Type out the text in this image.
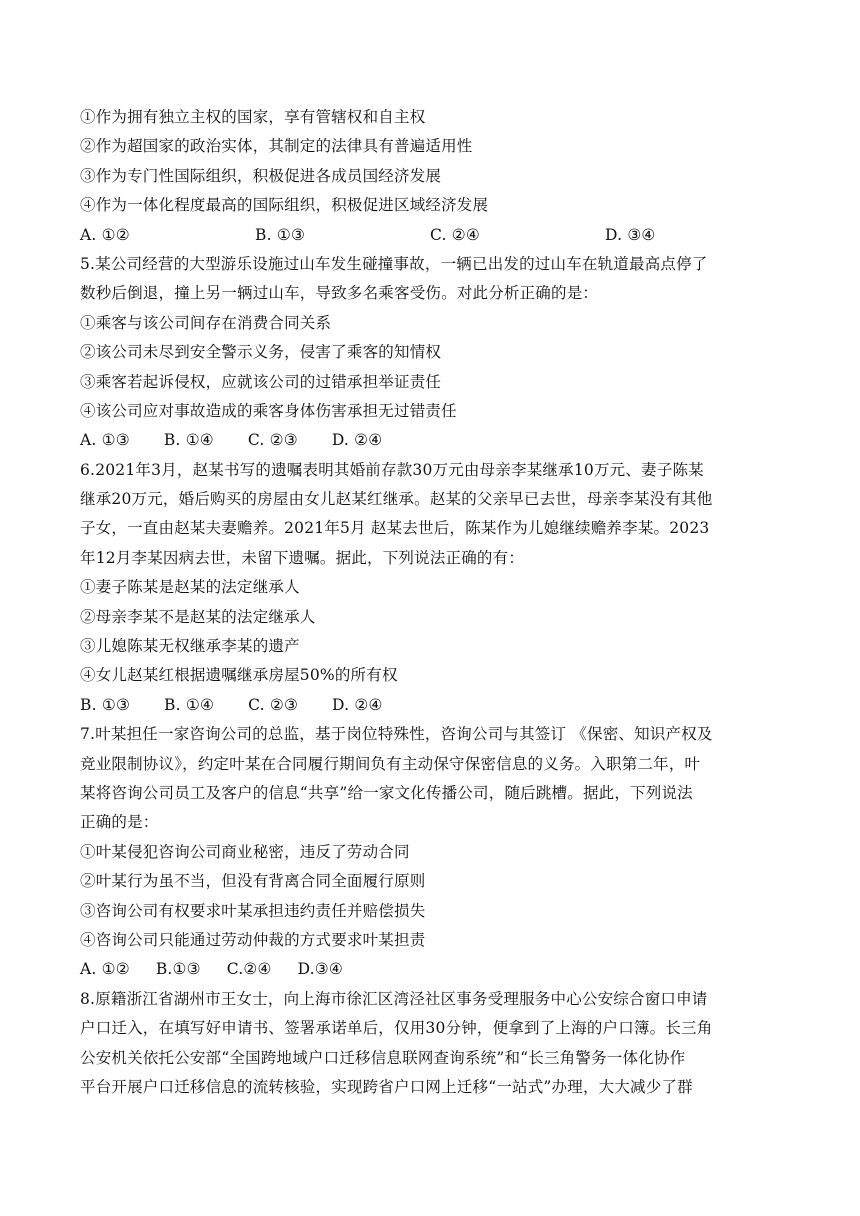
①作为拥有独立主权的国家，享有管辖权和自主权
②作为超国家的政治实体，其制定的法律具有普遍适用性
③作为专门性国际组织，积极促进各成员国经济发展
④作为一体化程度最高的国际组织，积极促进区域经济发展
A. ①②	B. ①③	C. ②④	D. ③④
5.某公司经营的大型游乐设施过山车发生碰撞事故，一辆已出发的过山车在轨道最高点停了
数秒后倒退，撞上另一辆过山车，导致多名乘客受伤。对此分析正确的是：
①乘客与该公司间存在消费合同关系
②该公司未尽到安全警示义务，侵害了乘客的知情权
③乘客若起诉侵权，应就该公司的过错承担举证责任
④该公司应对事故造成的乘客身体伤害承担无过错责任
A. ①③ B. ①④ C. ②③ D. ②④
6.2021年3月，赵某书写的遗嘱表明其婚前存款30万元由母亲李某继承10万元、妻子陈某
继承20万元，婚后购买的房屋由女儿赵某红继承。赵某的父亲早已去世，母亲李某没有其他
子女，一直由赵某夫妻赡养。2021年5月 赵某去世后，陈某作为儿媳继续赡养李某。2023
年12月李某因病去世，未留下遗嘱。据此，下列说法正确的有：
①妻子陈某是赵某的法定继承人
②母亲李某不是赵某的法定继承人
③儿媳陈某无权继承李某的遗产
④女儿赵某红根据遗嘱继承房屋50%的所有权
B. ①③ B. ①④ C. ②③ D. ②④
7.叶某担任一家咨询公司的总监，基于岗位特殊性，咨询公司与其签订 《保密、知识产权及
竞业限制协议》，约定叶某在合同履行期间负有主动保守保密信息的义务。入职第二年，叶
某将咨询公司员工及客户的信息“共享”给一家文化传播公司，随后跳槽。据此，下列说法
正确的是：
①叶某侵犯咨询公司商业秘密，违反了劳动合同
②叶某行为虽不当，但没有背离合同全面履行原则
③咨询公司有权要求叶某承担违约责任并赔偿损失
④咨询公司只能通过劳动仲裁的方式要求叶某担责
A. ①② B.①③ C.②④ D.③④
8.原籍浙江省湖州市王女士，向上海市徐汇区湾泾社区事务受理服务中心公安综合窗口申请
户口迁入，在填写好申请书、签署承诺单后，仅用30分钟，便拿到了上海的户口簿。长三角
公安机关依托公安部“全国跨地域户口迁移信息联网查询系统”和“长三角警务一体化协作
平台开展户口迁移信息的流转核验，实现跨省户口网上迁移“一站式”办理，大大减少了群
